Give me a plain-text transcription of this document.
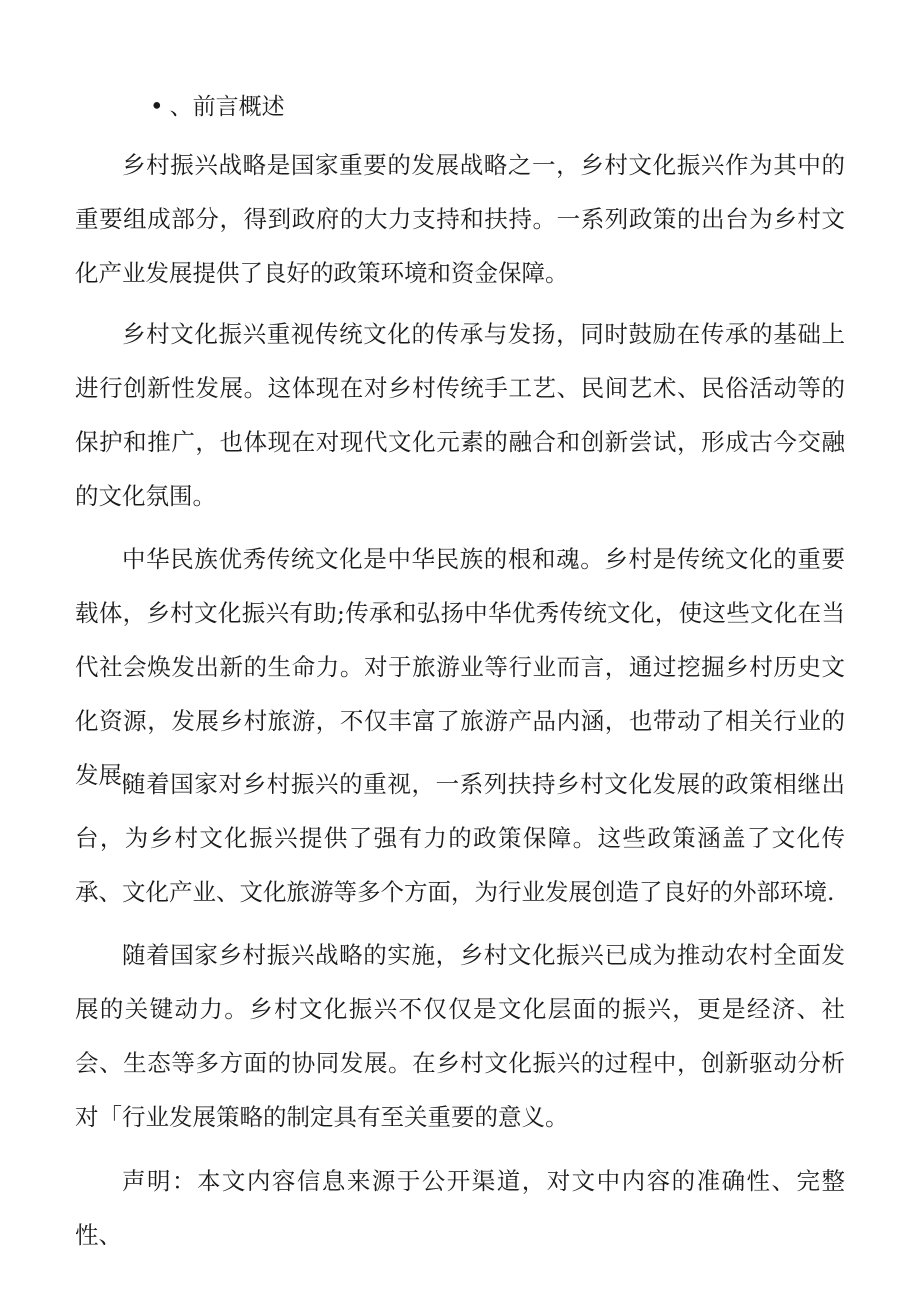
• 、前言概述

乡村振兴战略是国家重要的发展战略之一，乡村文化振兴作为其中的重要组成部分，得到政府的大力支持和扶持。一系列政策的出台为乡村文化产业发展提供了良好的政策环境和资金保障。

乡村文化振兴重视传统文化的传承与发扬，同时鼓励在传承的基础上进行创新性发展。这体现在对乡村传统手工艺、民间艺术、民俗活动等的保护和推广，也体现在对现代文化元素的融合和创新尝试，形成古今交融的文化氛围。

中华民族优秀传统文化是中华民族的根和魂。乡村是传统文化的重要载体，乡村文化振兴有助;传承和弘扬中华优秀传统文化，使这些文化在当代社会焕发出新的生命力。对于旅游业等行业而言，通过挖掘乡村历史文化资源，发展乡村旅游，不仅丰富了旅游产品内涵，也带动了相关行业的发展。

随着国家对乡村振兴的重视，一系列扶持乡村文化发展的政策相继出台，为乡村文化振兴提供了强有力的政策保障。这些政策涵盖了文化传承、文化产业、文化旅游等多个方面，为行业发展创造了良好的外部环境.

随着国家乡村振兴战略的实施，乡村文化振兴已成为推动农村全面发展的关键动力。乡村文化振兴不仅仅是文化层面的振兴，更是经济、社会、生态等多方面的协同发展。在乡村文化振兴的过程中，创新驱动分析对「行业发展策略的制定具有至关重要的意义。

声明：本文内容信息来源于公开渠道，对文中内容的准确性、完整性、
